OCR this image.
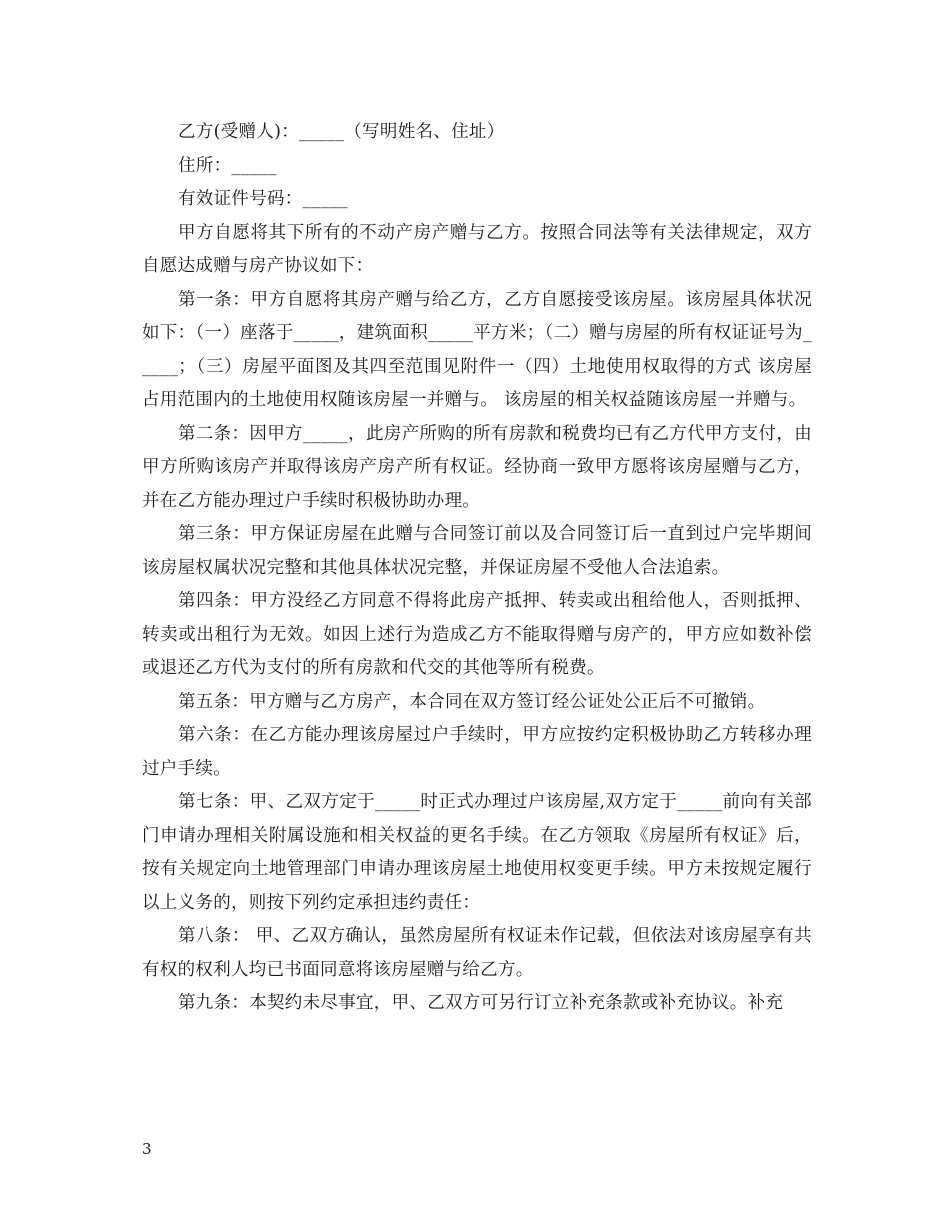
乙方(受赠人)：_____（写明姓名、住址）

住所：_____

有效证件号码：_____

甲方自愿将其下所有的不动产房产赠与乙方。按照合同法等有关法律规定，双方自愿达成赠与房产协议如下：

第一条：甲方自愿将其房产赠与给乙方，乙方自愿接受该房屋。该房屋具体状况如下：（一）座落于_____，建筑面积_____平方米；（二）赠与房屋的所有权证证号为_____；（三）房屋平面图及其四至范围见附件一（四）土地使用权取得的方式 该房屋占用范围内的土地使用权随该房屋一并赠与。 该房屋的相关权益随该房屋一并赠与。

第二条：因甲方_____，此房产所购的所有房款和税费均已有乙方代甲方支付，由甲方所购该房产并取得该房产房产所有权证。经协商一致甲方愿将该房屋赠与乙方，并在乙方能办理过户手续时积极协助办理。

第三条：甲方保证房屋在此赠与合同签订前以及合同签订后一直到过户完毕期间该房屋权属状况完整和其他具体状况完整，并保证房屋不受他人合法追索。

第四条：甲方没经乙方同意不得将此房产抵押、转卖或出租给他人，否则抵押、转卖或出租行为无效。如因上述行为造成乙方不能取得赠与房产的，甲方应如数补偿或退还乙方代为支付的所有房款和代交的其他等所有税费。

第五条：甲方赠与乙方房产，本合同在双方签订经公证处公正后不可撤销。

第六条：在乙方能办理该房屋过户手续时，甲方应按约定积极协助乙方转移办理过户手续。

第七条：甲、乙双方定于_____时正式办理过户该房屋,双方定于_____前向有关部门申请办理相关附属设施和相关权益的更名手续。在乙方领取《房屋所有权证》后，按有关规定向土地管理部门申请办理该房屋土地使用权变更手续。甲方未按规定履行以上义务的，则按下列约定承担违约责任：

第八条： 甲、乙双方确认，虽然房屋所有权证未作记载，但依法对该房屋享有共有权的权利人均已书面同意将该房屋赠与给乙方。

第九条：本契约未尽事宜，甲、乙双方可另行订立补充条款或补充协议。补充

3
